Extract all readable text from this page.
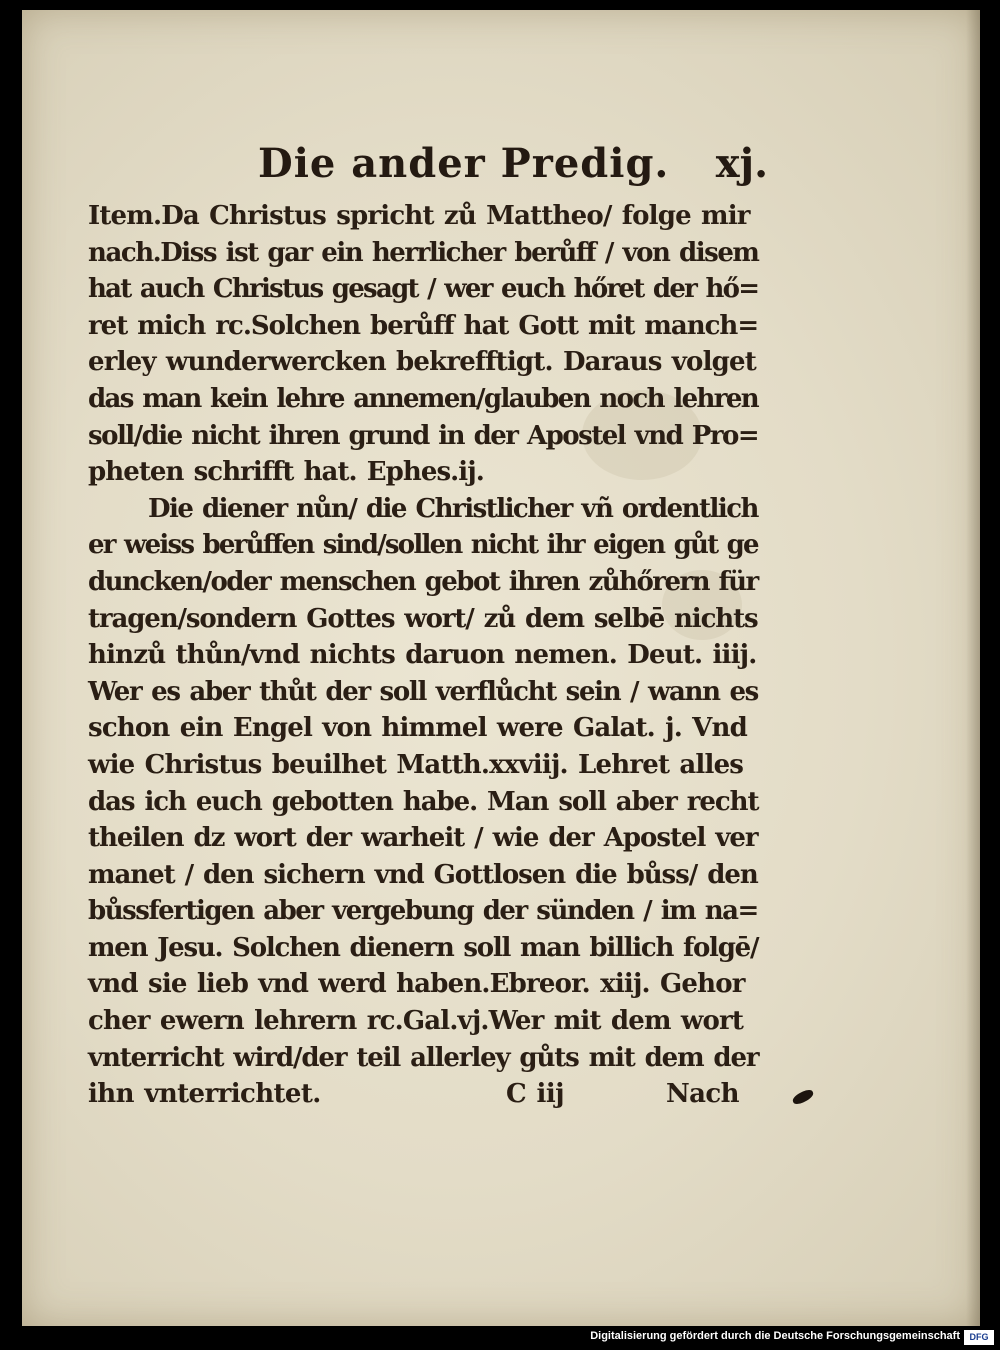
Die ander Predig. xj.
Item.Da Christus spricht zů Mattheo/ folge mir
nach.Diss ist gar ein herrlicher berůff / von disem
hat auch Christus gesagt / wer euch hőret der hő=
ret mich rc.Solchen berůff hat Gott mit manch=
erley wunderwercken bekrefftigt. Daraus volget
das man kein lehre annemen/glauben noch lehren
soll/die nicht ihren grund in der Apostel vnd Pro=
pheten schrifft hat. Ephes.ij.
Die diener nůn/ die Christlicher vñ ordentlich
er weiss berůffen sind/sollen nicht ihr eigen gůt ge
duncken/oder menschen gebot ihren zůhőrern für
tragen/sondern Gottes wort/ zů dem selbē nichts
hinzů thůn/vnd nichts daruon nemen. Deut. iiij.
Wer es aber thůt der soll verflůcht sein / wann es
schon ein Engel von himmel were Galat. j. Vnd
wie Christus beuilhet Matth.xxviij. Lehret alles
das ich euch gebotten habe. Man soll aber recht
theilen dz wort der warheit / wie der Apostel ver
manet / den sichern vnd Gottlosen die bůss/ den
bůssfertigen aber vergebung der sünden / im na=
men Jesu. Solchen dienern soll man billich folgē/
vnd sie lieb vnd werd haben.Ebreor. xiij. Gehor
cher ewern lehrern rc.Gal.vj.Wer mit dem wort
vnterricht wird/der teil allerley gůts mit dem der
ihn vnterrichtet.	C iij	Nach
Digitalisierung gefördert durch die Deutsche Forschungsgemeinschaft	DFG
